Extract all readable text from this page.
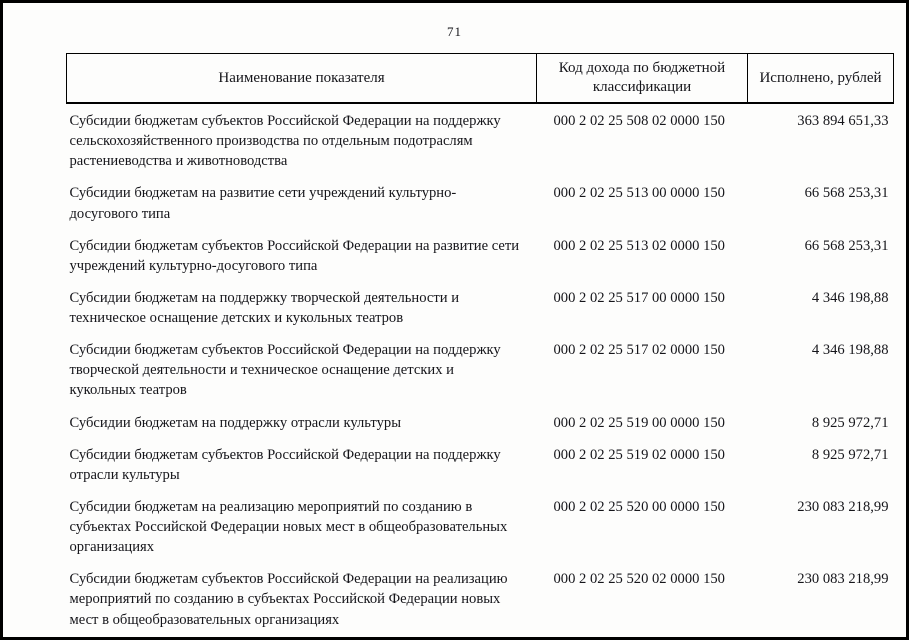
71
Наименование показателя	Код дохода по бюджетной классификации	Исполнено, рублей
Субсидии бюджетам субъектов Российской Федерации на поддержку сельскохозяйственного производства по отдельным подотраслям растениеводства и животноводства	000 2 02 25 508 02 0000 150	363 894 651,33
Субсидии бюджетам на развитие сети учреждений культурно-досугового типа	000 2 02 25 513 00 0000 150	66 568 253,31
Субсидии бюджетам субъектов Российской Федерации на развитие сети учреждений культурно-досугового типа	000 2 02 25 513 02 0000 150	66 568 253,31
Субсидии бюджетам на поддержку творческой деятельности и техническое оснащение детских и кукольных театров	000 2 02 25 517 00 0000 150	4 346 198,88
Субсидии бюджетам субъектов Российской Федерации на поддержку творческой деятельности и техническое оснащение детских и кукольных театров	000 2 02 25 517 02 0000 150	4 346 198,88
Субсидии бюджетам на поддержку отрасли культуры	000 2 02 25 519 00 0000 150	8 925 972,71
Субсидии бюджетам субъектов Российской Федерации на поддержку отрасли культуры	000 2 02 25 519 02 0000 150	8 925 972,71
Субсидии бюджетам на реализацию мероприятий по созданию в субъектах Российской Федерации новых мест в общеобразовательных организациях	000 2 02 25 520 00 0000 150	230 083 218,99
Субсидии бюджетам субъектов Российской Федерации на реализацию мероприятий по созданию в субъектах Российской Федерации новых мест в общеобразовательных организациях	000 2 02 25 520 02 0000 150	230 083 218,99
